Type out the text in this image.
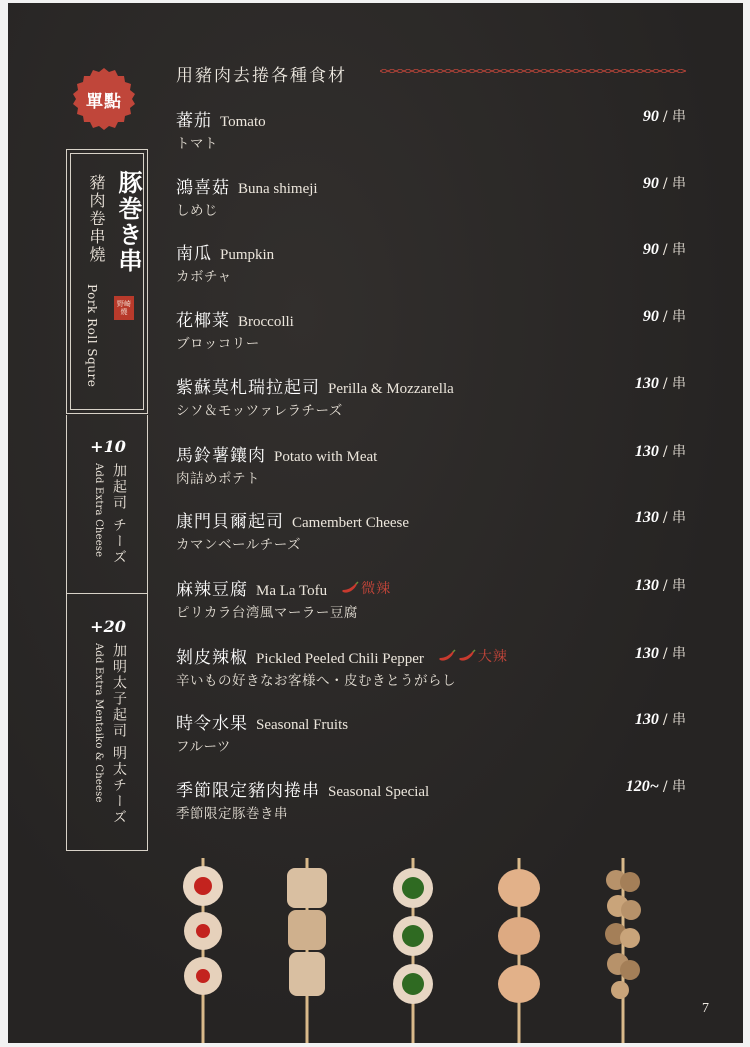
單點
豚巻き串
豬肉卷串燒
Pork Roll Squre	野崎燒
+10
加起司 チーズ
Add Extra Cheese
+20
加明太子起司 明太チーズ
Add Extra Mentaiko & Cheese
用豬肉去捲各種食材
蕃茄 Tomato
トマト
90 / 串
鴻喜菇 Buna shimeji
しめじ
90 / 串
南瓜 Pumpkin
カボチャ
90 / 串
花椰菜 Broccolli
ブロッコリー
90 / 串
紫蘇莫札瑞拉起司 Perilla & Mozzarella
シソ＆モッツァレラチーズ
130 / 串
馬鈴薯鑲肉 Potato with Meat
肉詰めポテト
130 / 串
康門貝爾起司 Camembert Cheese
カマンベールチーズ
130 / 串
麻辣豆腐 Ma La Tofu 微辣
ピリカラ台湾風マーラー豆腐
130 / 串
剝皮辣椒 Pickled Peeled Chili Pepper	大辣
辛いもの好きなお客様へ・皮むきとうがらし
130 / 串
時令水果 Seasonal Fruits
フルーツ
130 / 串
季節限定豬肉捲串 Seasonal Special
季節限定豚巻き串
120~ / 串
7
